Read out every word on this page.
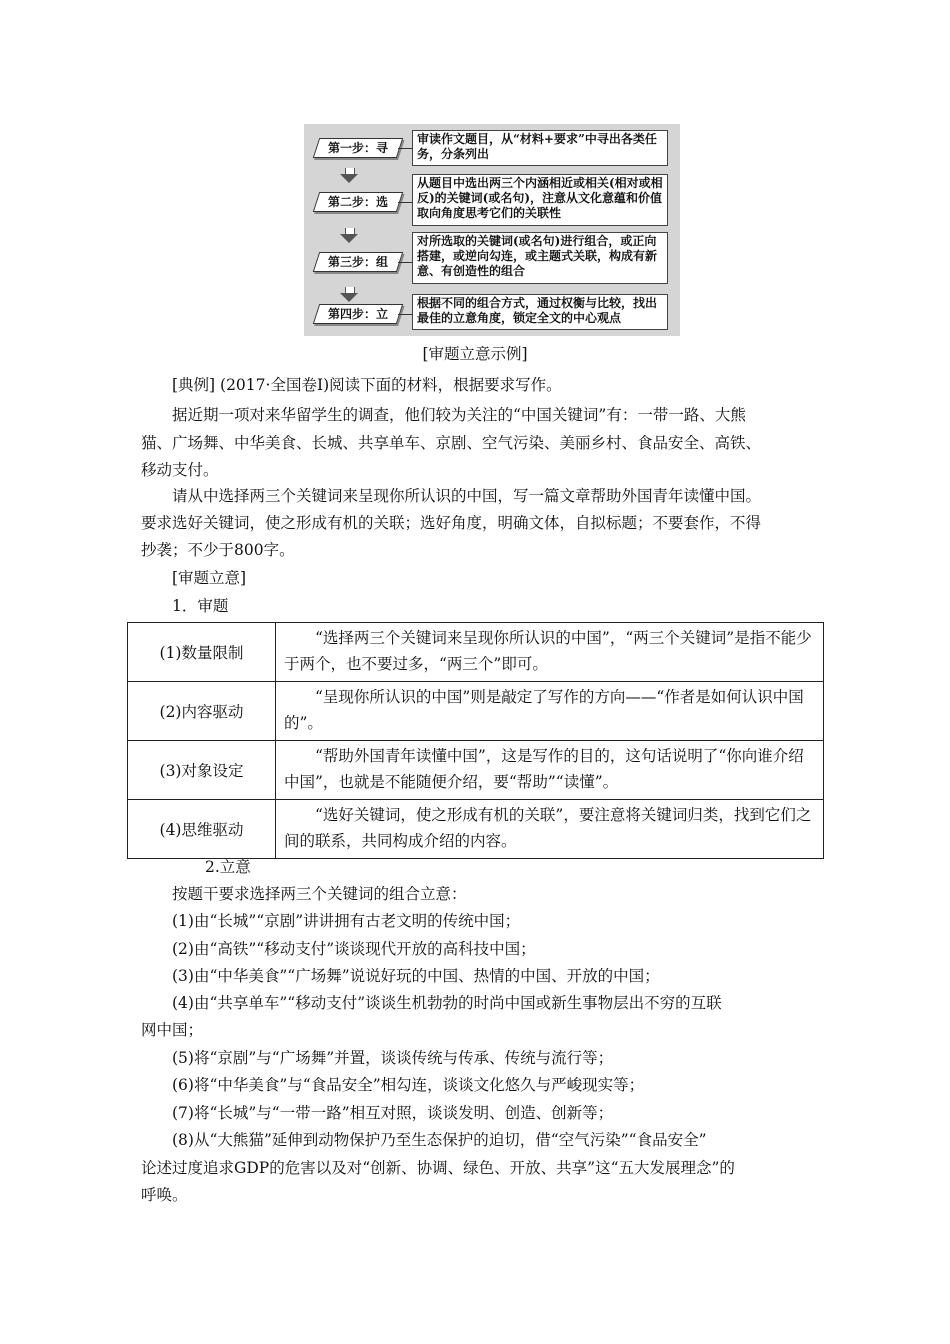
第一步：寻
审读作文题目，从“材料+要求”中寻出各类任务，分条列出
第二步：选
从题目中选出两三个内涵相近或相关(相对或相反)的关键词(或名句)，注意从文化意蕴和价值取向角度思考它们的关联性
第三步：组
对所选取的关键词(或名句)进行组合，或正向搭建，或逆向勾连，或主题式关联，构成有新意、有创造性的组合
第四步：立
根据不同的组合方式，通过权衡与比较，找出最佳的立意角度，锁定全文的中心观点
[审题立意示例]
[典例] (2017·全国卷Ⅰ)阅读下面的材料，根据要求写作。
据近期一项对来华留学生的调查，他们较为关注的“中国关键词”有：一带一路、大熊
猫、广场舞、中华美食、长城、共享单车、京剧、空气污染、美丽乡村、食品安全、高铁、
移动支付。
请从中选择两三个关键词来呈现你所认识的中国，写一篇文章帮助外国青年读懂中国。
要求选好关键词，使之形成有机的关联；选好角度，明确文体，自拟标题；不要套作，不得
抄袭；不少于800字。
[审题立意]
1．审题
(1)数量限制	“选择两三个关键词来呈现你所认识的中国”，“两三个关键词”是指不能少于两个，也不要过多，“两三个”即可。
(2)内容驱动	“呈现你所认识的中国”则是敲定了写作的方向——“作者是如何认识中国的”。
(3)对象设定	“帮助外国青年读懂中国”，这是写作的目的，这句话说明了“你向谁介绍中国”，也就是不能随便介绍，要“帮助”“读懂”。
(4)思维驱动	“选好关键词，使之形成有机的关联”，要注意将关键词归类，找到它们之间的联系，共同构成介绍的内容。
2.立意
按题干要求选择两三个关键词的组合立意：
(1)由“长城”“京剧”讲讲拥有古老文明的传统中国；
(2)由“高铁”“移动支付”谈谈现代开放的高科技中国；
(3)由“中华美食”“广场舞”说说好玩的中国、热情的中国、开放的中国；
(4)由“共享单车”“移动支付”谈谈生机勃勃的时尚中国或新生事物层出不穷的互联
网中国；
(5)将“京剧”与“广场舞”并置，谈谈传统与传承、传统与流行等；
(6)将“中华美食”与“食品安全”相勾连，谈谈文化悠久与严峻现实等；
(7)将“长城”与“一带一路”相互对照，谈谈发明、创造、创新等；
(8)从“大熊猫”延伸到动物保护乃至生态保护的迫切，借“空气污染”“食品安全”
论述过度追求GDP的危害以及对“创新、协调、绿色、开放、共享”这“五大发展理念”的
呼唤。
